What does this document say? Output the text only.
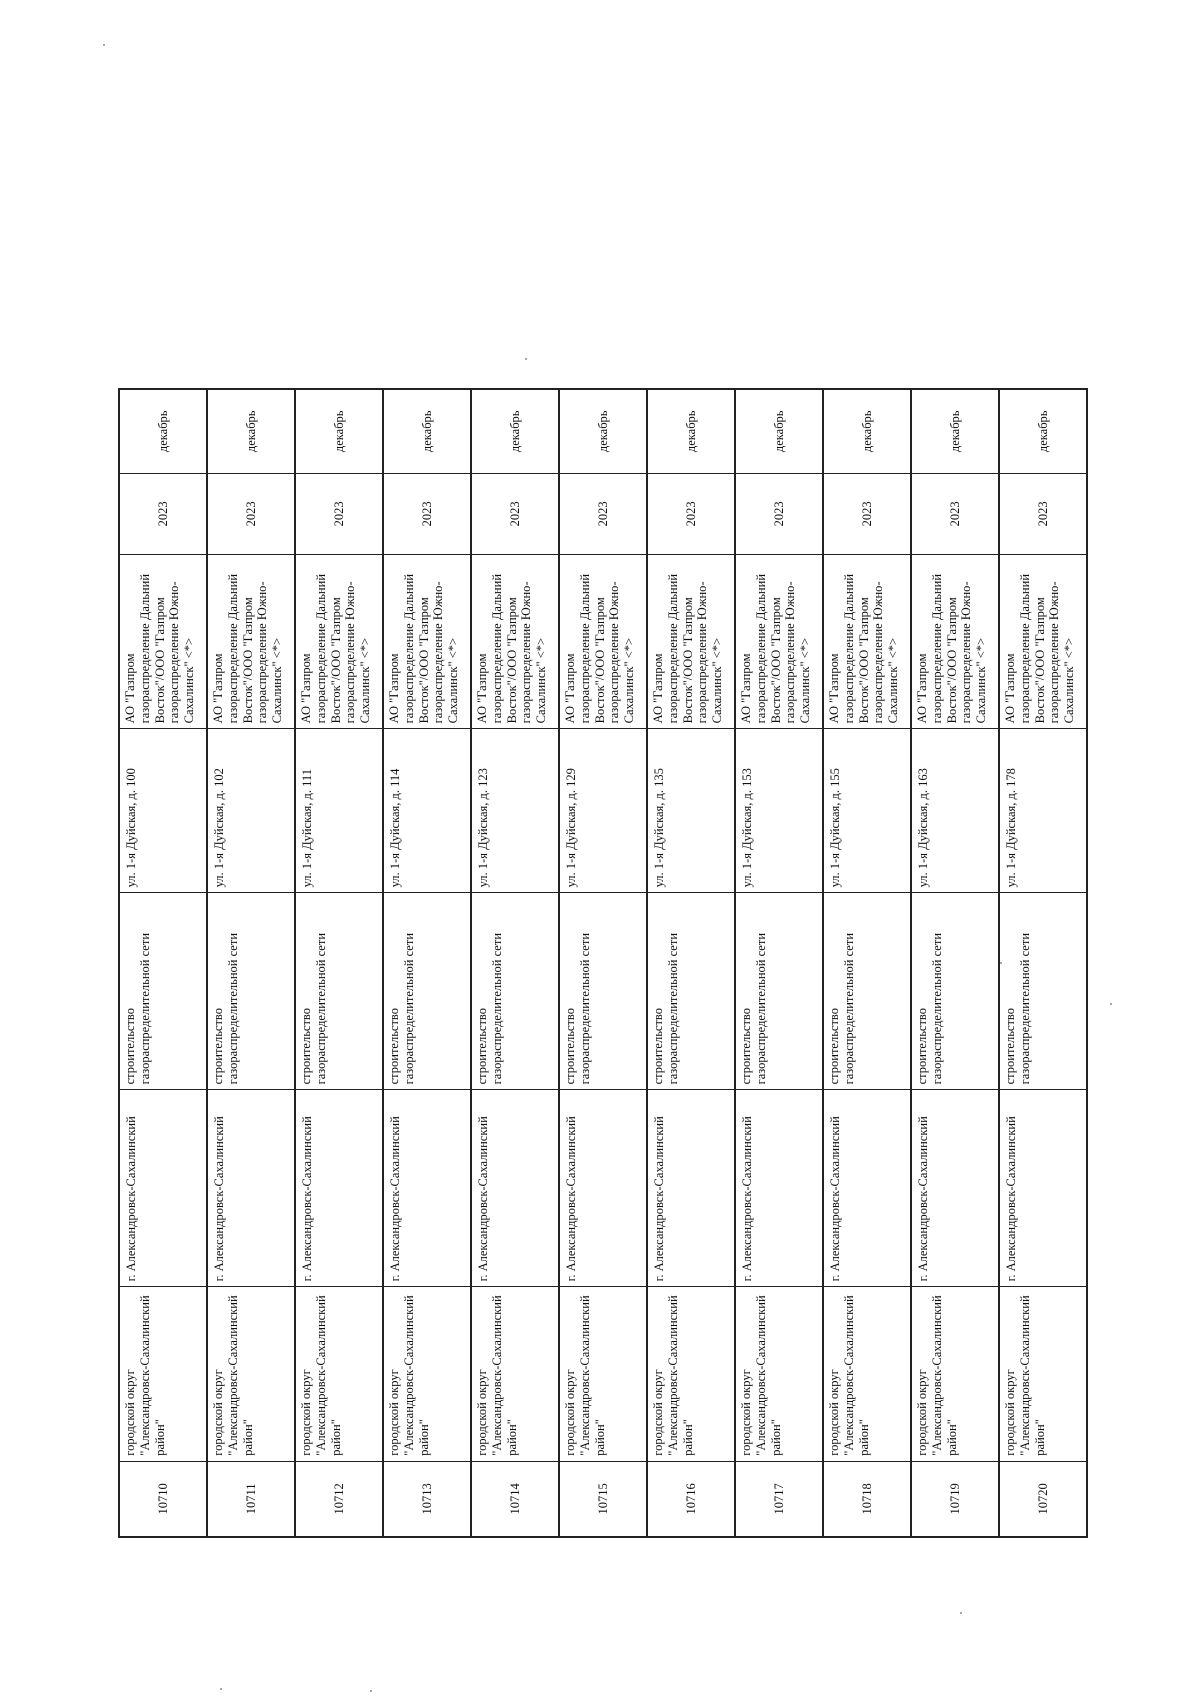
10710	городской округ "Александровск-Сахалинский район"	г. Александровск-Сахалинский	строительство газораспределительной сети	ул. 1-я Дуйская, д. 100	АО "Газпром газораспределение Дальний Восток"/ООО "Газпром газораспределение Южно-Сахалинск" <*>	2023	декабрь
10711	городской округ "Александровск-Сахалинский район"	г. Александровск-Сахалинский	строительство газораспределительной сети	ул. 1-я Дуйская, д. 102	АО "Газпром газораспределение Дальний Восток"/ООО "Газпром газораспределение Южно-Сахалинск" <*>	2023	декабрь
10712	городской округ "Александровск-Сахалинский район"	г. Александровск-Сахалинский	строительство газораспределительной сети	ул. 1-я Дуйская, д. 111	АО "Газпром газораспределение Дальний Восток"/ООО "Газпром газораспределение Южно-Сахалинск" <*>	2023	декабрь
10713	городской округ "Александровск-Сахалинский район"	г. Александровск-Сахалинский	строительство газораспределительной сети	ул. 1-я Дуйская, д. 114	АО "Газпром газораспределение Дальний Восток"/ООО "Газпром газораспределение Южно-Сахалинск" <*>	2023	декабрь
10714	городской округ "Александровск-Сахалинский район"	г. Александровск-Сахалинский	строительство газораспределительной сети	ул. 1-я Дуйская, д. 123	АО "Газпром газораспределение Дальний Восток"/ООО "Газпром газораспределение Южно-Сахалинск" <*>	2023	декабрь
10715	городской округ "Александровск-Сахалинский район"	г. Александровск-Сахалинский	строительство газораспределительной сети	ул. 1-я Дуйская, д. 129	АО "Газпром газораспределение Дальний Восток"/ООО "Газпром газораспределение Южно-Сахалинск" <*>	2023	декабрь
10716	городской округ "Александровск-Сахалинский район"	г. Александровск-Сахалинский	строительство газораспределительной сети	ул. 1-я Дуйская, д. 135	АО "Газпром газораспределение Дальний Восток"/ООО "Газпром газораспределение Южно-Сахалинск" <*>	2023	декабрь
10717	городской округ "Александровск-Сахалинский район"	г. Александровск-Сахалинский	строительство газораспределительной сети	ул. 1-я Дуйская, д. 153	АО "Газпром газораспределение Дальний Восток"/ООО "Газпром газораспределение Южно-Сахалинск" <*>	2023	декабрь
10718	городской округ "Александровск-Сахалинский район"	г. Александровск-Сахалинский	строительство газораспределительной сети	ул. 1-я Дуйская, д. 155	АО "Газпром газораспределение Дальний Восток"/ООО "Газпром газораспределение Южно-Сахалинск" <*>	2023	декабрь
10719	городской округ "Александровск-Сахалинский район"	г. Александровск-Сахалинский	строительство газораспределительной сети	ул. 1-я Дуйская, д. 163	АО "Газпром газораспределение Дальний Восток"/ООО "Газпром газораспределение Южно-Сахалинск" <*>	2023	декабрь
10720	городской округ "Александровск-Сахалинский район"	г. Александровск-Сахалинский	строительство газораспределительной сети	ул. 1-я Дуйская, д. 178	АО "Газпром газораспределение Дальний Восток"/ООО "Газпром газораспределение Южно-Сахалинск" <*>	2023	декабрь
